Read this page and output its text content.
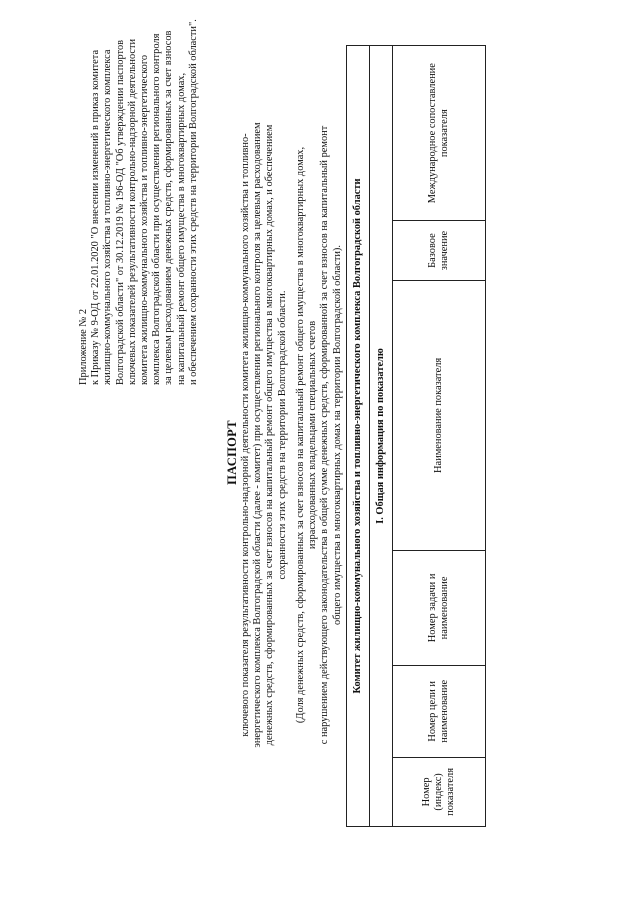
Приложение № 2 к Приказу № 9-ОД от 22.01.2020 "О внесении изменений в приказ комитета жилищно-коммунального хозяйства и топливно-энергетического комплекса Волгоградской области" от 30.12.2019 № 196-ОД "Об утверждении паспортов ключевых показателей результативности контрольно-надзорной деятельности комитета жилищно-коммунального хозяйства и топливно-энергетического комплекса Волгоградской области при осуществлении регионального контроля за целевым расходованием денежных средств, сформированных за счет взносов на капитальный ремонт общего имущества в многоквартирных домах, и обеспечением сохранности этих средств на территории Волгоградской области".
ПАСПОРТ ключевого показателя результативности контрольно-надзорной деятельности комитета жилищно-коммунального хозяйства и топливно- энергетического комплекса Волгоградской области (далее - комитет) при осуществлении регионального контроля за целевым расходованием денежных средств, сформированных за счет взносов на капитальный ремонт общего имущества в многоквартирных домах, и обеспечением сохранности этих средств на территории Волгоградской области. (Доля денежных средств, сформированных за счет взносов на капитальный ремонт общего имущества в многоквартирных домах, израсходованных владельцами специальных счетов с нарушением действующего законодательства в общей сумме денежных средств, сформированной за счет взносов на капитальный ремонт общего имущества в многоквартирных домах на территории Волгоградской области). Комитет жилищно-коммунального хозяйства и топливно-энергетического комплекса Волгоградской области
I. Общая информация по показателю
Номер (индекс) показателя	Номер цели и наименование	Номер задачи и наименование	Наименование показателя	Базовое значение	Международное сопоставление показателя
